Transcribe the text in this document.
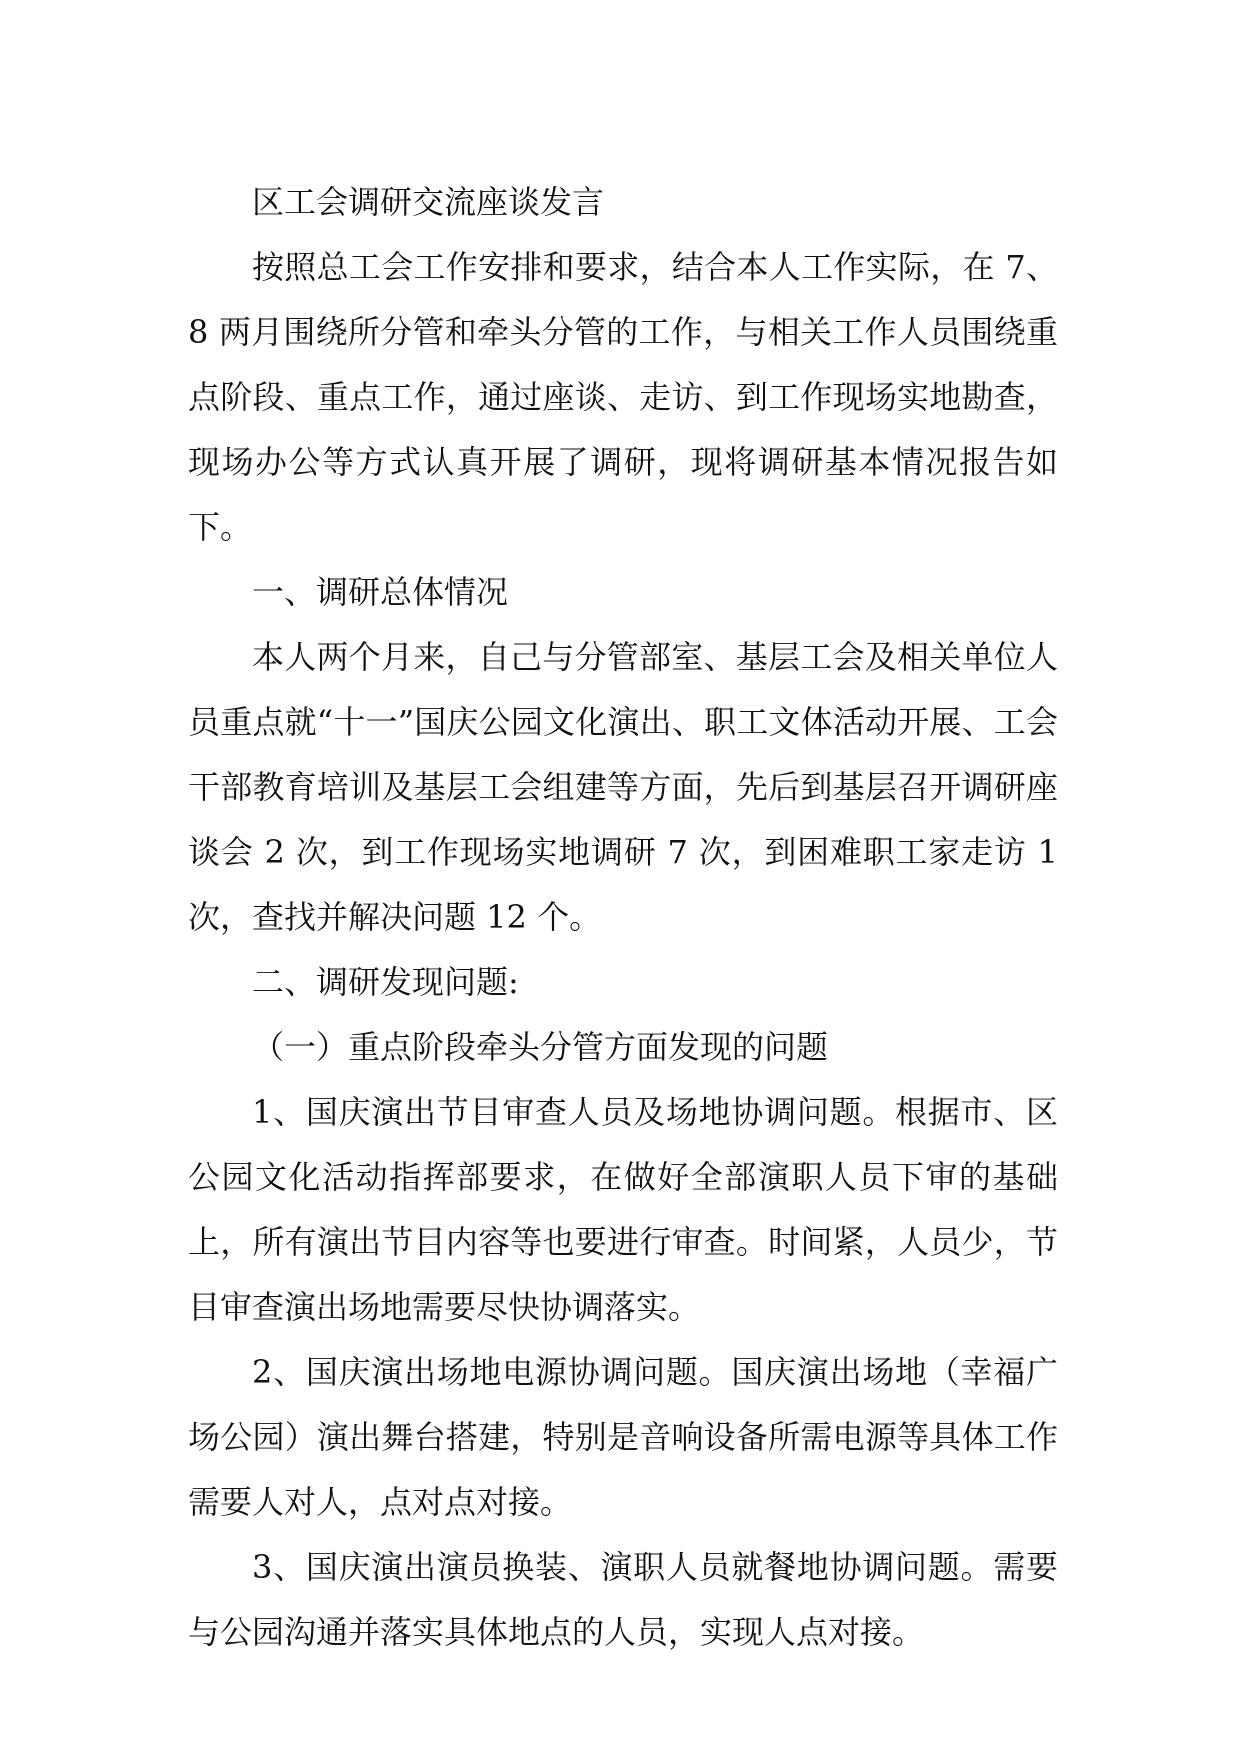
区工会调研交流座谈发言

按照总工会工作安排和要求，结合本人工作实际，在 7、8 两月围绕所分管和牵头分管的工作，与相关工作人员围绕重点阶段、重点工作，通过座谈、走访、到工作现场实地勘查，现场办公等方式认真开展了调研，现将调研基本情况报告如下。

一、调研总体情况

本人两个月来，自己与分管部室、基层工会及相关单位人员重点就“十一”国庆公园文化演出、职工文体活动开展、工会干部教育培训及基层工会组建等方面，先后到基层召开调研座谈会 2 次，到工作现场实地调研 7 次，到困难职工家走访 1 次，查找并解决问题 12 个。

二、调研发现问题:

（一）重点阶段牵头分管方面发现的问题

1、国庆演出节目审查人员及场地协调问题。根据市、区公园文化活动指挥部要求，在做好全部演职人员下审的基础上，所有演出节目内容等也要进行审查。时间紧，人员少，节目审查演出场地需要尽快协调落实。

2、国庆演出场地电源协调问题。国庆演出场地（幸福广场公园）演出舞台搭建，特别是音响设备所需电源等具体工作需要人对人，点对点对接。

3、国庆演出演员换装、演职人员就餐地协调问题。需要与公园沟通并落实具体地点的人员，实现人点对接。
